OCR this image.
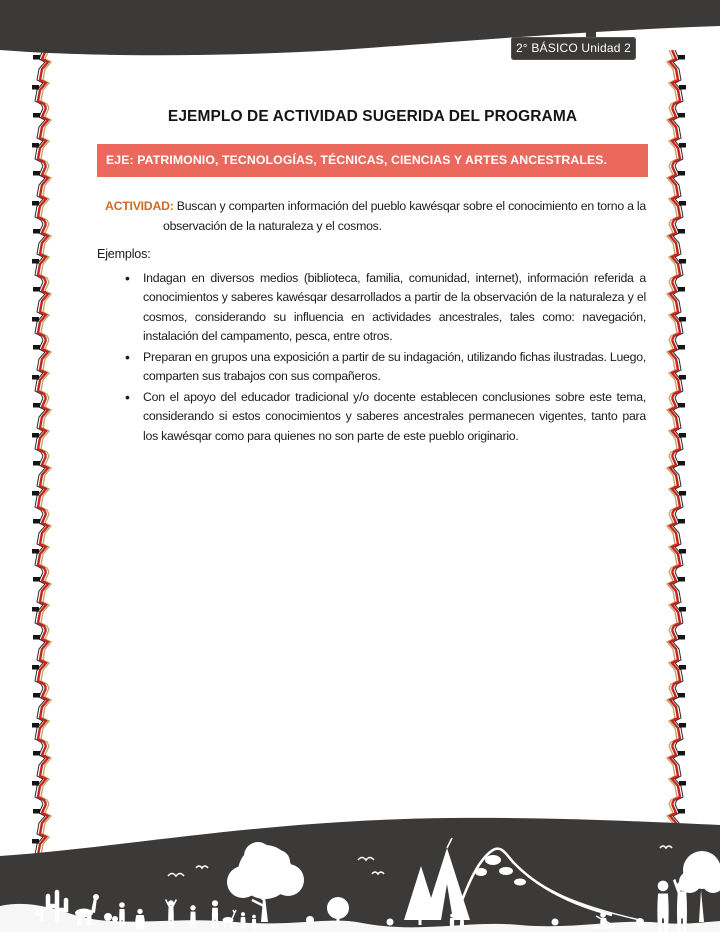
2° BÁSICO Unidad 2
EJEMPLO DE ACTIVIDAD SUGERIDA DEL PROGRAMA
EJE: PATRIMONIO, TECNOLOGÍAS, TÉCNICAS, CIENCIAS Y ARTES ANCESTRALES.
ACTIVIDAD: Buscan y comparten información del pueblo kawésqar sobre el conocimiento en torno a la observación de la naturaleza y el cosmos.
Ejemplos:
• Indagan en diversos medios (biblioteca, familia, comunidad, internet), información referida a conocimientos y saberes kawésqar desarrollados a partir de la observación de la naturaleza y el cosmos, considerando su influencia en actividades ancestrales, tales como: navegación, instalación del campamento, pesca, entre otros.
• Preparan en grupos una exposición a partir de su indagación, utilizando fichas ilustradas. Luego, comparten sus trabajos con sus compañeros.
• Con el apoyo del educador tradicional y/o docente establecen conclusiones sobre este tema, considerando si estos conocimientos y saberes ancestrales permanecen vigentes, tanto para los kawésqar como para quienes no son parte de este pueblo originario.
